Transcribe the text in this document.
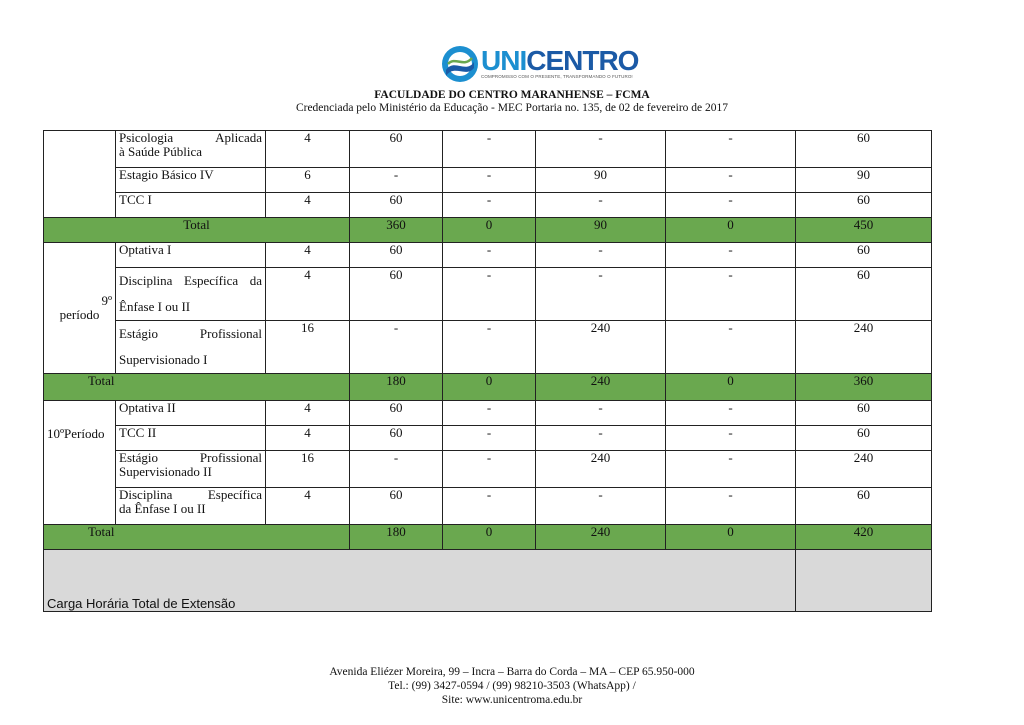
UNICENTRO
COMPROMISSO COM O PRESENTE, TRANSFORMANDO O FUTURO!
FACULDADE DO CENTRO MARANHENSE – FCMA
Credenciada pelo Ministério da Educação - MEC Portaria no. 135, de 02 de fevereiro de 2017

	Psicologia Aplicada
à Saúde Pública	4	60	-	-	-	60
	Estagio Básico IV	6	-	-	90	-	90
	TCC I	4	60	-	-	-	60
Total			360	0	90	0	450

9º
período	Optativa I	4	60	-	-	-	60

	Disciplina Específica da
Ênfase I ou II	4	60	-	-	-	60

	Estágio Profissional
Supervisionado I	16	-	-	240	-	240
Total			180	0	240	0	360
10ºPeríodo	Optativa II	4	60	-	-	-	60
	TCC II	4	60	-	-	-	60

	Estágio Profissional
Supervisionado II	16	-	-	240	-	240

	Disciplina Específica
da Ênfase I ou II	4	60	-	-	-	60
Total			180	0	240	0	420
Carga Horária Total de Extensão							
Avenida Eliézer Moreira, 99 – Incra – Barra do Corda – MA – CEP 65.950-000
Tel.: (99) 3427-0594 / (99) 98210-3503 (WhatsApp) /
Site: www.unicentroma.edu.br
